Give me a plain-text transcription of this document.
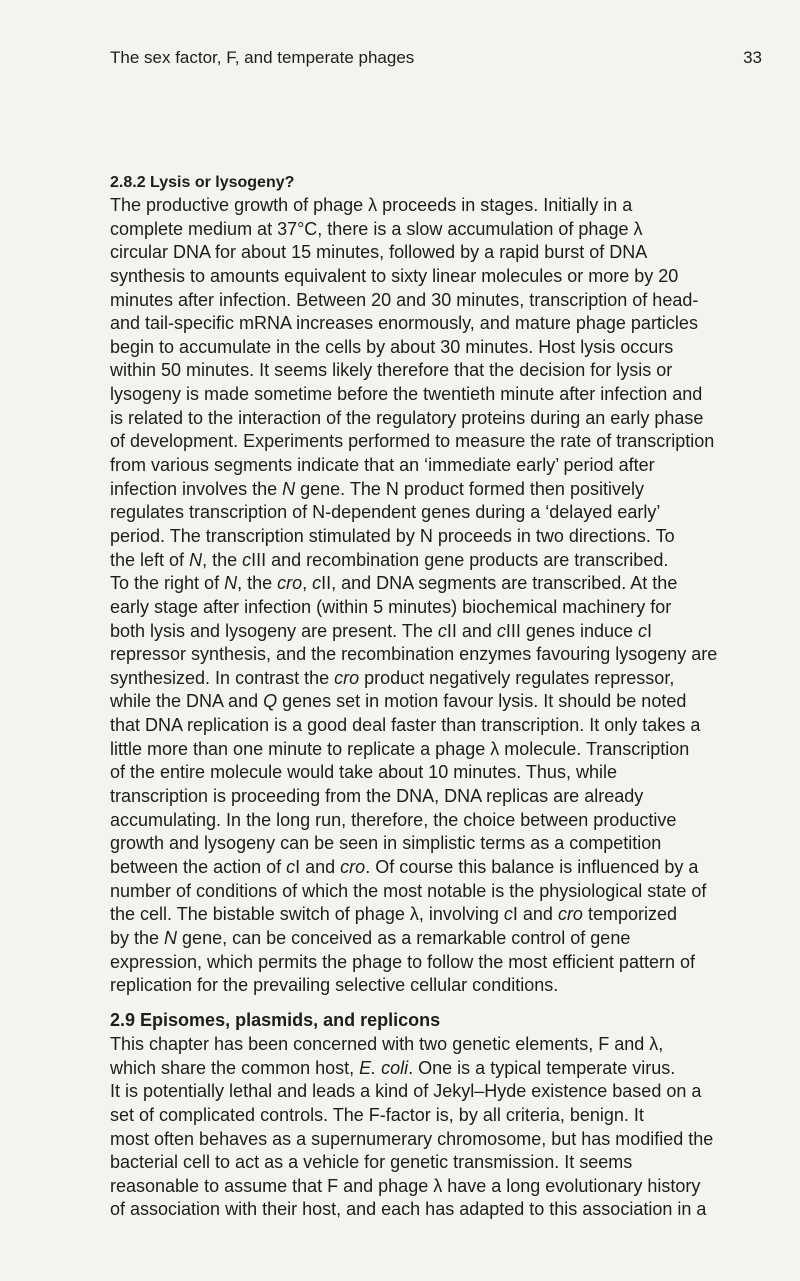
The sex factor, F, and temperate phages	33
2.8.2 Lysis or lysogeny?
The productive growth of phage λ proceeds in stages. Initially in a
complete medium at 37°C, there is a slow accumulation of phage λ
circular DNA for about 15 minutes, followed by a rapid burst of DNA
synthesis to amounts equivalent to sixty linear molecules or more by 20
minutes after infection. Between 20 and 30 minutes, transcription of head-
and tail-specific mRNA increases enormously, and mature phage particles
begin to accumulate in the cells by about 30 minutes. Host lysis occurs
within 50 minutes. It seems likely therefore that the decision for lysis or
lysogeny is made sometime before the twentieth minute after infection and
is related to the interaction of the regulatory proteins during an early phase
of development. Experiments performed to measure the rate of transcription
from various segments indicate that an ‘immediate early’ period after
infection involves the N gene. The N product formed then positively
regulates transcription of N-dependent genes during a ‘delayed early’
period. The transcription stimulated by N proceeds in two directions. To
the left of N, the cIII and recombination gene products are transcribed.
To the right of N, the cro, cII, and DNA segments are transcribed. At the
early stage after infection (within 5 minutes) biochemical machinery for
both lysis and lysogeny are present. The cII and cIII genes induce cI
repressor synthesis, and the recombination enzymes favouring lysogeny are
synthesized. In contrast the cro product negatively regulates repressor,
while the DNA and Q genes set in motion favour lysis. It should be noted
that DNA replication is a good deal faster than transcription. It only takes a
little more than one minute to replicate a phage λ molecule. Transcription
of the entire molecule would take about 10 minutes. Thus, while
transcription is proceeding from the DNA, DNA replicas are already
accumulating. In the long run, therefore, the choice between productive
growth and lysogeny can be seen in simplistic terms as a competition
between the action of cI and cro. Of course this balance is influenced by a
number of conditions of which the most notable is the physiological state of
the cell. The bistable switch of phage λ, involving cI and cro temporized
by the N gene, can be conceived as a remarkable control of gene
expression, which permits the phage to follow the most efficient pattern of
replication for the prevailing selective cellular conditions.
2.9 Episomes, plasmids, and replicons
This chapter has been concerned with two genetic elements, F and λ,
which share the common host, E. coli. One is a typical temperate virus.
It is potentially lethal and leads a kind of Jekyl–Hyde existence based on a
set of complicated controls. The F-factor is, by all criteria, benign. It
most often behaves as a supernumerary chromosome, but has modified the
bacterial cell to act as a vehicle for genetic transmission. It seems
reasonable to assume that F and phage λ have a long evolutionary history
of association with their host, and each has adapted to this association in a
